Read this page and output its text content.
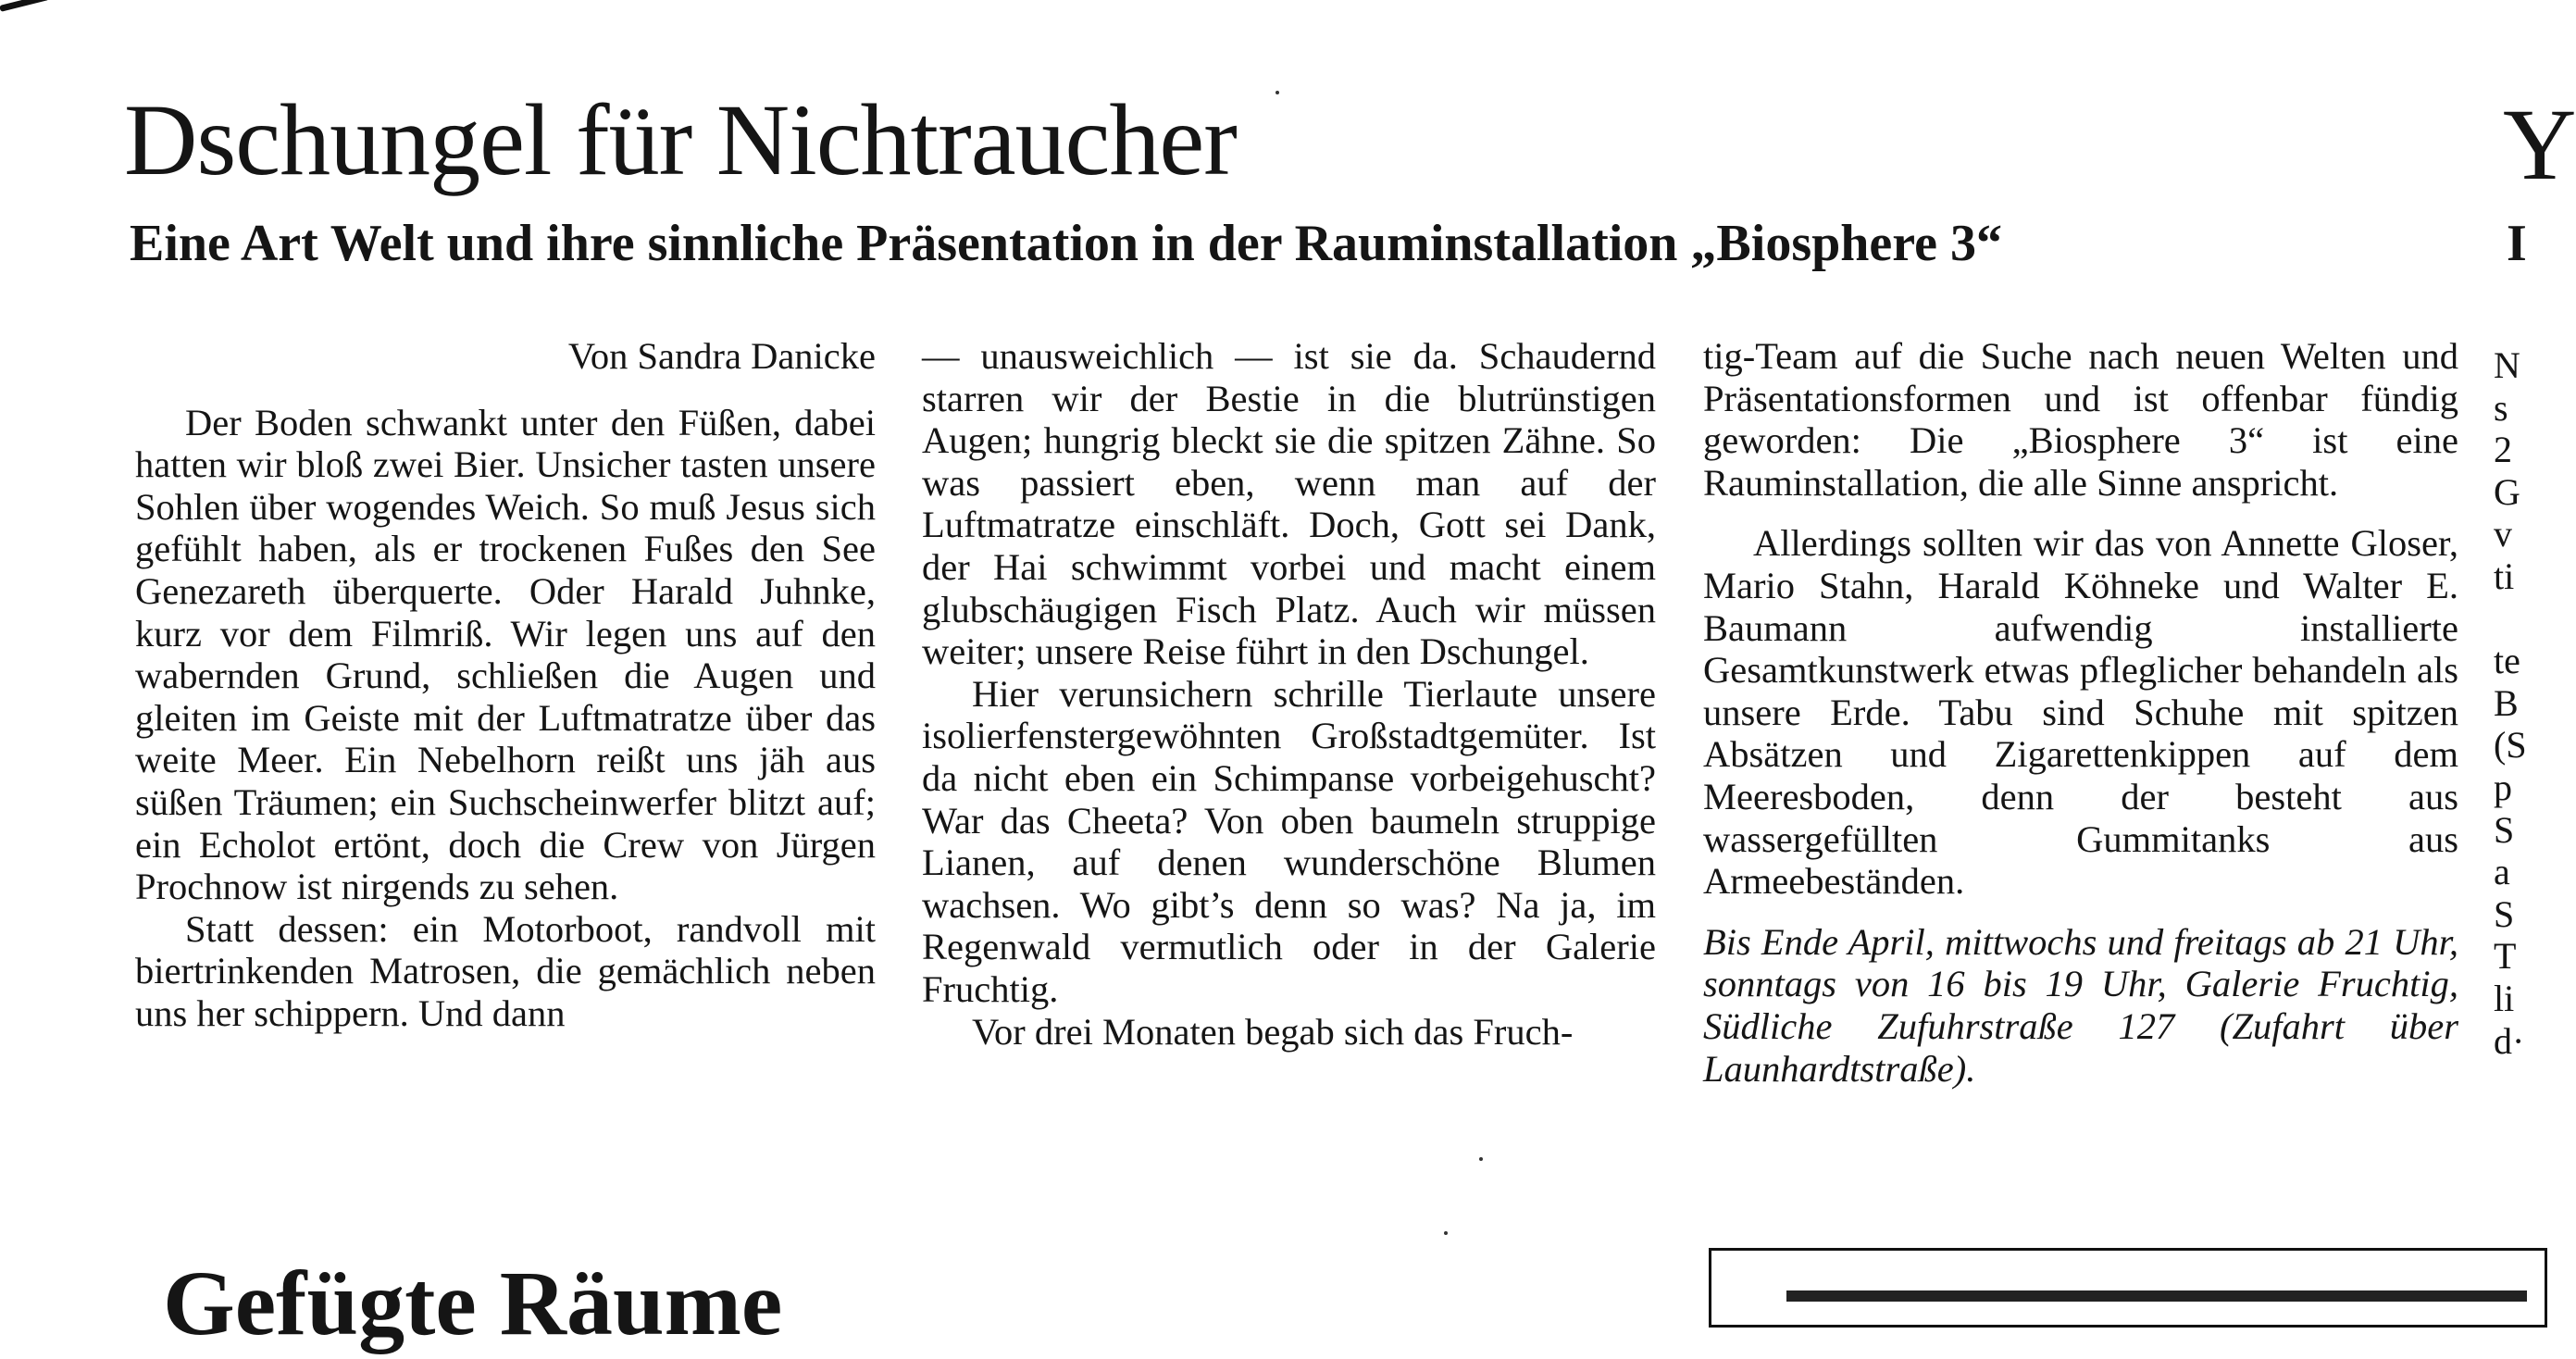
Dschungel für Nichtraucher
Eine Art Welt und ihre sinnliche Präsentation in der Rauminstallation „Biosphere 3“

Von Sandra Danicke

Der Boden schwankt unter den Füßen, dabei hatten wir bloß zwei Bier. Unsicher tasten unsere Sohlen über wogendes Weich. So muß Jesus sich gefühlt haben, als er trockenen Fußes den See Genezareth überquerte. Oder Harald Juhnke, kurz vor dem Filmriß. Wir legen uns auf den wabernden Grund, schließen die Augen und gleiten im Geiste mit der Luftmatratze über das weite Meer. Ein Nebelhorn reißt uns jäh aus süßen Träumen; ein Suchscheinwerfer blitzt auf; ein Echolot ertönt, doch die Crew von Jürgen Prochnow ist nirgends zu sehen.

Statt dessen: ein Motorboot, randvoll mit biertrinkenden Matrosen, die gemächlich neben uns her schippern. Und dann

— unausweichlich — ist sie da. Schaudernd starren wir der Bestie in die blutrünstigen Augen; hungrig bleckt sie die spitzen Zähne. So was passiert eben, wenn man auf der Luftmatratze einschläft. Doch, Gott sei Dank, der Hai schwimmt vorbei und macht einem glubschäugigen Fisch Platz. Auch wir müssen weiter; unsere Reise führt in den Dschungel.

Hier verunsichern schrille Tierlaute unsere isolierfenstergewöhnten Großstadtgemüter. Ist da nicht eben ein Schimpanse vorbeigehuscht? War das Cheeta? Von oben baumeln struppige Lianen, auf denen wunderschöne Blumen wachsen. Wo gibt’s denn so was? Na ja, im Regenwald vermutlich oder in der Galerie Fruchtig.

Vor drei Monaten begab sich das Fruch-

tig-Team auf die Suche nach neuen Welten und Präsentationsformen und ist offenbar fündig geworden: Die „Biosphere 3“ ist eine Rauminstallation, die alle Sinne anspricht.

Allerdings sollten wir das von Annette Gloser, Mario Stahn, Harald Köhneke und Walter E. Baumann aufwendig installierte Gesamtkunstwerk etwas pfleglicher behandeln als unsere Erde. Tabu sind Schuhe mit spitzen Absätzen und Zigarettenkippen auf dem Meeresboden, denn der besteht aus wassergefüllten Gummitanks aus Armeebeständen.

Bis Ende April, mittwochs und freitags ab 21 Uhr, sonntags von 16 bis 19 Uhr, Galerie Fruchtig, Südliche Zufuhrstraße 127 (Zufahrt über Launhardtstraße).

Gefügte Räume
Y
I
N
s
2
G
v
ti

te
B
(S
p
S
a
S
T
li
d·
